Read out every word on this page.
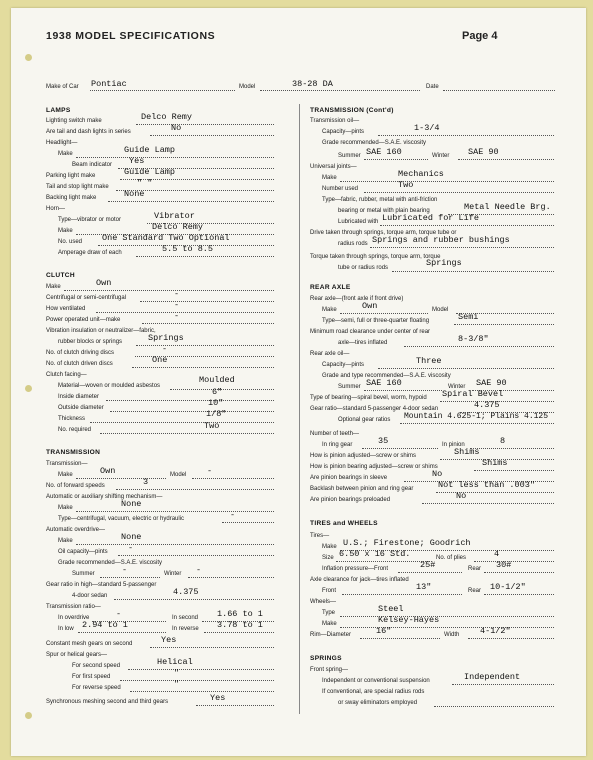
1938 MODEL SPECIFICATIONS	Page 4
Make of Car Pontiac	Model	38-28 DA	Date
LAMPS
Lighting switch make	Delco Remy
Are tail and dash lights in series	No
Headlight—
Make	Guide Lamp
Beam indicator Yes
Parking light make	Guide Lamp
Tail and stop light make	" "
Backing light make	None
Horn—
Type—vibrator or motor	Vibrator
Make	Delco Remy
No. used One Standard Two Optional
Amperage draw of each	5.5 to 8.5
CLUTCH
Make	Own
Centrifugal or semi-centrifugal	-
How ventilated	-
Power operated unit—make	-
Vibration insulation or neutralizer—fabric,
rubber blocks or springs	Springs
No. of clutch driving discs	-
No. of clutch driven discs	One
Clutch facing—
Material—woven or moulded asbestos
Moulded
Inside diameter	6"
Outside diameter	10"
Thickness	1/8"
No. required	Two
TRANSMISSION
Transmission—
Make	Own	Model -
No. of forward speeds	3
Automatic or auxiliary shifting mechanism—
Make	None
Type—centrifugal, vacuum, electric or hydraulic	-
Automatic overdrive—
Make	None
Oil capacity—pints -
Grade recommended—S.A.E. viscosity
Summer	-	Winter -
Gear ratio in high—standard 5-passenger
4-door sedan	4.375
Transmission ratio—
In overdrive	-	In second 1.66 to 1
In low 2.94 to 1	In reverse 3.78 to 1
Constant mesh gears on second	Yes
Spur or helical gears—
For second speed	Helical
For first speed	"
For reverse speed	"
Synchronous meshing second and third gears	Yes
TRANSMISSION (Cont'd)
Transmission oil—
Capacity—pints	1-3/4
Grade recommended—S.A.E. viscosity
Summer SAE 160	Winter SAE 90
Universal joints—
Make	Mechanics
Number used	Two
Type—fabric, rubber, metal with anti-friction
bearing or metal with plain bearing	Metal Needle Brg.
Lubricated with Lubricated for Life
Drive taken through springs, torque arm, torque tube or
radius rods Springs and rubber bushings
Torque taken through springs, torque arm, torque
tube or radius rods	Springs
REAR AXLE
Rear axle—(front axle if front drive)
Make	Own	Model
Type—semi, full or three-quarter floating	Semi
Minimum road clearance under center of rear
axle—tires inflated	8-3/8"
Rear axle oil—
Capacity—pints	Three
Grade and type recommended—S.A.E. viscosity
Summer SAE 160	Winter SAE 90
Type of bearing—spiral bevel, worm, hypoid Spiral Bevel
Gear ratio—standard 5-passenger 4-door sedan	4.375
Optional gear ratios Mountain 4.625-1; Plains 4.125
Number of teeth—
In ring gear	35	In pinion	8
How is pinion adjusted—screw or shims	Shims
How is pinion bearing adjusted—screw or shims	Shims
Are pinion bearings in sleeve	No
Backlash between pinion and ring gear	Not less than .003"
Are pinion bearings preloaded	No
TIRES and WHEELS
Tires—
Make U.S.; Firestone; Goodrich
Size 6.50 x 16 Std.	No. of plies	4
Inflation pressure—Front	25#	Rear 30#
Axle clearance for jack—tires inflated
Front	13"	Rear 10-1/2"
Wheels—
Type	Steel
Make	Kelsey-Hayes
Rim—Diameter	16"	Width 4-1/2"
SPRINGS
Front spring—
Independent or conventional suspension	Independent
If conventional, are special radius rods
or sway eliminators employed
